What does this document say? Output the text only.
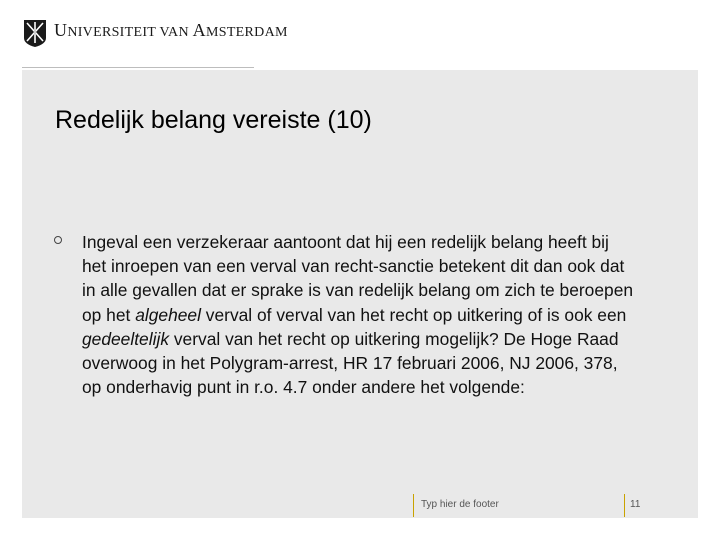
UNIVERSITEIT VAN AMSTERDAM
Redelijk belang vereiste (10)
Ingeval een verzekeraar aantoont dat hij een redelijk belang heeft bij het inroepen van een verval van recht-sanctie betekent dit dan ook dat in alle gevallen dat er sprake is van redelijk belang om zich te beroepen op het algeheel verval of verval van het recht op uitkering of is ook een gedeeltelijk verval van het recht op uitkering mogelijk? De Hoge Raad overwoog in het Polygram-arrest, HR 17 februari 2006, NJ 2006, 378, op onderhavig punt in r.o. 4.7 onder andere het volgende:
Typ hier de footer	11
